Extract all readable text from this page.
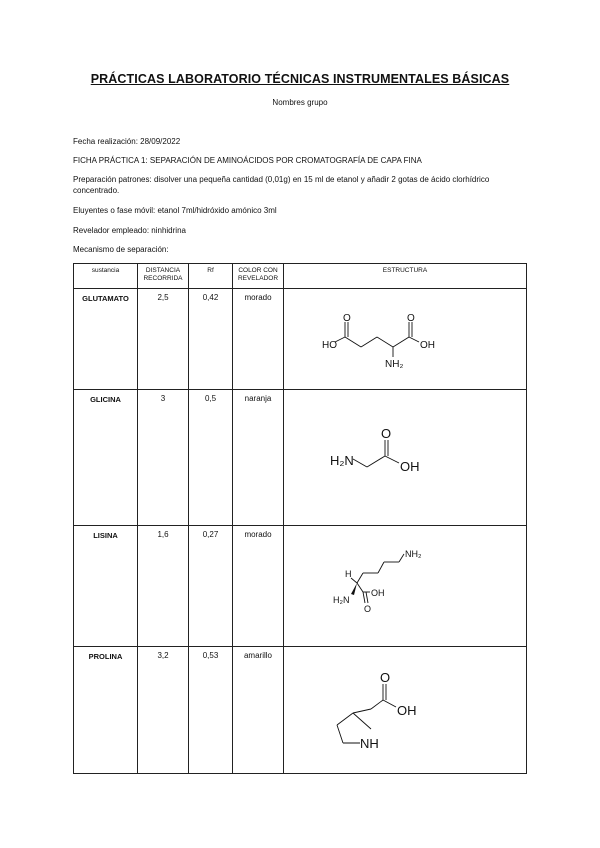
PRÁCTICAS LABORATORIO TÉCNICAS INSTRUMENTALES BÁSICAS
Nombres grupo
Fecha realización: 28/09/2022
FICHA PRÁCTICA 1: SEPARACIÓN DE AMINOÁCIDOS POR CROMATOGRAFÍA DE CAPA FINA
Preparación patrones: disolver una pequeña cantidad (0,01g) en 15 ml de etanol y añadir 2 gotas de ácido clorhídrico concentrado.
Eluyentes o fase móvil: etanol 7ml/hidróxido amónico 3ml
Revelador empleado: ninhidrina
Mecanismo de separación:
sustancia	DISTANCIA RECORRIDA	Rf	COLOR CON REVELADOR	ESTRUCTURA
GLUTAMATO	2,5	0,42	morado	HO
O O
OH
NH₂

GLICINA	3	0,5	naranja	H₂N
O
OH

LISINA	1,6	0,27	morado	NH₂
H
H₂N
OH
O

PROLINA	3,2	0,53	amarillo	O
OH
NH
